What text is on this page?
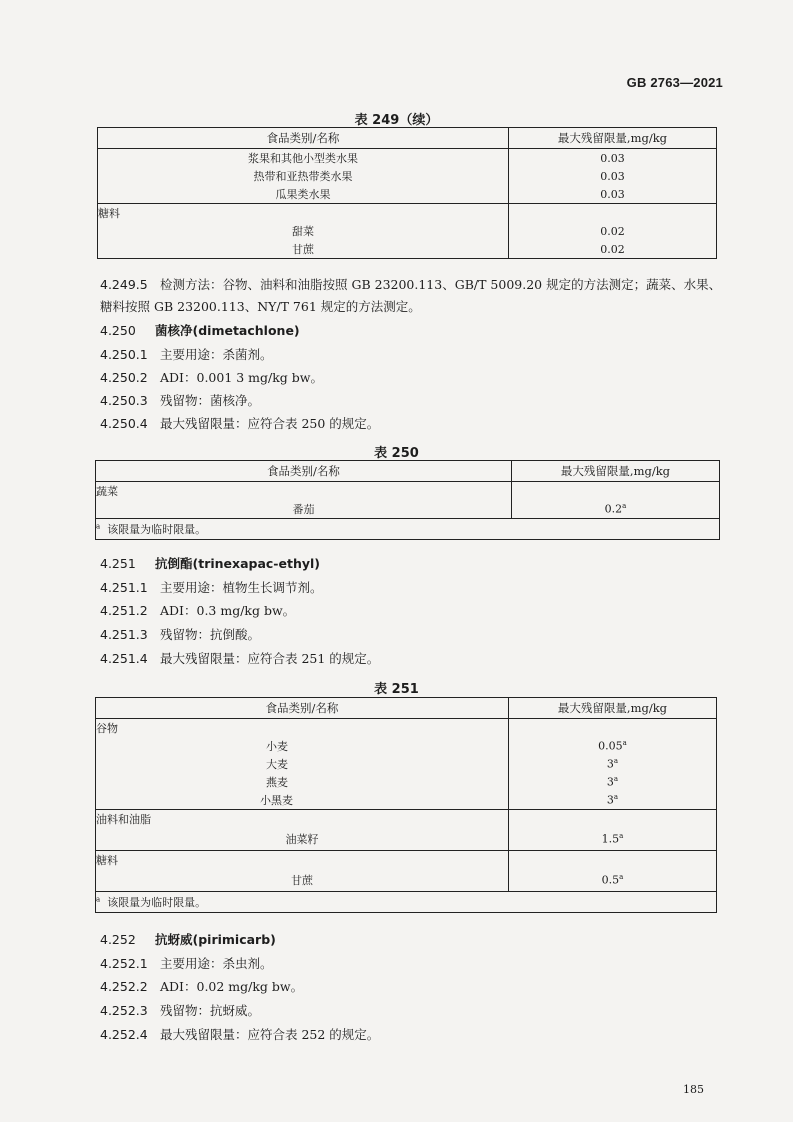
GB 2763—2021
表 249（续）
食品类别/名称	最大残留限量,mg/kg
浆果和其他小型类水果	0.03
热带和亚热带类水果	0.03
瓜果类水果	0.03
糖料	
甜菜	0.02
甘蔗	0.02
4.249.5 检测方法：谷物、油料和油脂按照 GB 23200.113、GB/T 5009.20 规定的方法测定；蔬菜、水果、
糖料按照 GB 23200.113、NY/T 761 规定的方法测定。
4.250 菌核净(dimetachlone)
4.250.1 主要用途：杀菌剂。
4.250.2 ADI：0.001 3 mg/kg bw。
4.250.3 残留物：菌核净。
4.250.4 最大残留限量：应符合表 250 的规定。
表 250
食品类别/名称	最大残留限量,mg/kg
蔬菜	
番茄	0.2$^a$
$^a$ 该限量为临时限量。	
4.251 抗倒酯(trinexapac-ethyl)
4.251.1 主要用途：植物生长调节剂。
4.251.2 ADI：0.3 mg/kg bw。
4.251.3 残留物：抗倒酸。
4.251.4 最大残留限量：应符合表 251 的规定。
表 251
食品类别/名称	最大残留限量,mg/kg
谷物	
小麦	0.05$^a$
大麦	3$^a$
燕麦	3$^a$
小黑麦	3$^a$
油料和油脂	
油菜籽	1.5$^a$
糖料	
甘蔗	0.5$^a$
$^a$ 该限量为临时限量。	
4.252 抗蚜威(pirimicarb)
4.252.1 主要用途：杀虫剂。
4.252.2 ADI：0.02 mg/kg bw。
4.252.3 残留物：抗蚜威。
4.252.4 最大残留限量：应符合表 252 的规定。
185
